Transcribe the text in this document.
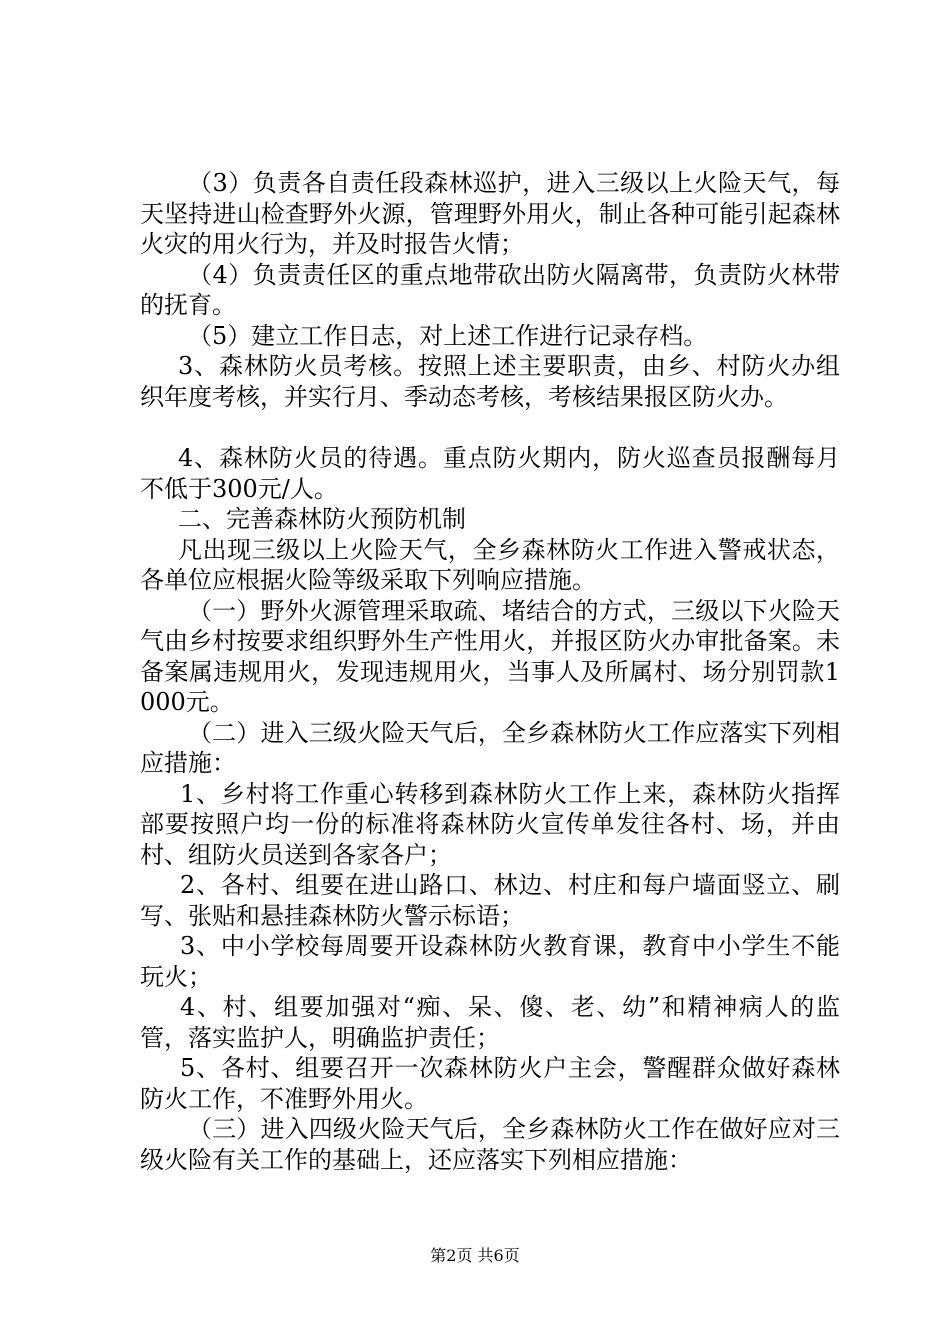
（3）负责各自责任段森林巡护，进入三级以上火险天气，每天坚持进山检查野外火源，管理野外用火，制止各种可能引起森林火灾的用火行为，并及时报告火情；

（4）负责责任区的重点地带砍出防火隔离带，负责防火林带的抚育。

（5）建立工作日志，对上述工作进行记录存档。

3、森林防火员考核。按照上述主要职责，由乡、村防火办组织年度考核，并实行月、季动态考核，考核结果报区防火办。

4、森林防火员的待遇。重点防火期内，防火巡查员报酬每月不低于300元/人。

二、完善森林防火预防机制

凡出现三级以上火险天气，全乡森林防火工作进入警戒状态，各单位应根据火险等级采取下列响应措施。

（一）野外火源管理采取疏、堵结合的方式，三级以下火险天气由乡村按要求组织野外生产性用火，并报区防火办审批备案。未备案属违规用火，发现违规用火，当事人及所属村、场分别罚款1000元。

（二）进入三级火险天气后，全乡森林防火工作应落实下列相应措施：

1、乡村将工作重心转移到森林防火工作上来，森林防火指挥部要按照户均一份的标准将森林防火宣传单发往各村、场，并由村、组防火员送到各家各户；

2、各村、组要在进山路口、林边、村庄和每户墙面竖立、刷写、张贴和悬挂森林防火警示标语；

3、中小学校每周要开设森林防火教育课，教育中小学生不能玩火；

4、村、组要加强对“痴、呆、傻、老、幼”和精神病人的监管，落实监护人，明确监护责任；

5、各村、组要召开一次森林防火户主会，警醒群众做好森林防火工作，不准野外用火。

（三）进入四级火险天气后，全乡森林防火工作在做好应对三级火险有关工作的基础上，还应落实下列相应措施：

第2页 共6页
